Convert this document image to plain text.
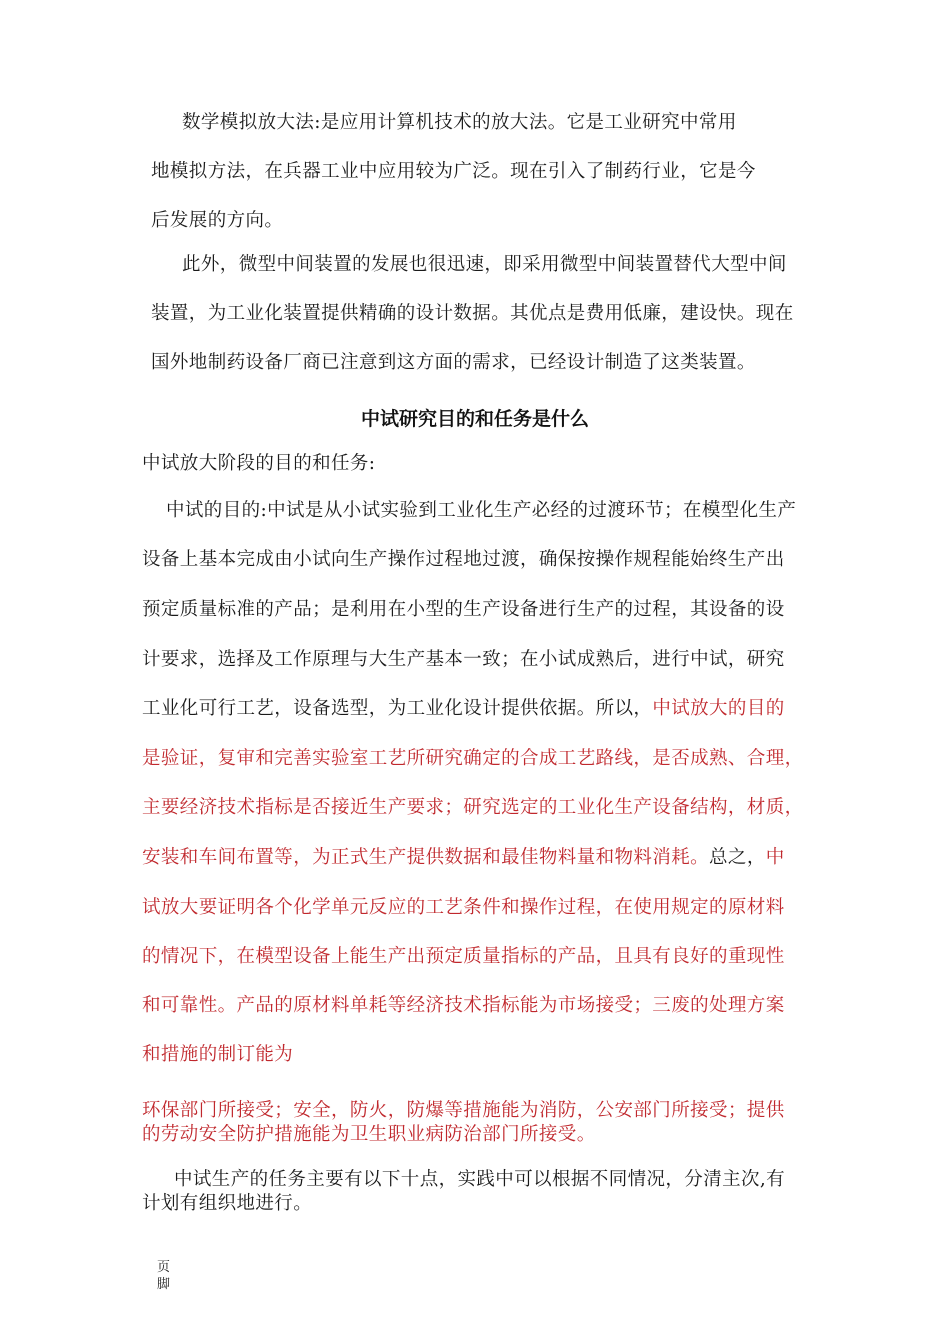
数学模拟放大法:是应用计算机技术的放大法。它是工业研究中常用
地模拟方法，在兵器工业中应用较为广泛。现在引入了制药行业，它是今
后发展的方向。
此外，微型中间装置的发展也很迅速，即采用微型中间装置替代大型中间
装置，为工业化装置提供精确的设计数据。其优点是费用低廉，建设快。现在
国外地制药设备厂商已注意到这方面的需求，已经设计制造了这类装置。
中试研究目的和任务是什么
中试放大阶段的目的和任务:
中试的目的:中试是从小试实验到工业化生产必经的过渡环节；在模型化生产
设备上基本完成由小试向生产操作过程地过渡，确保按操作规程能始终生产出
预定质量标准的产品；是利用在小型的生产设备进行生产的过程，其设备的设
计要求，选择及工作原理与大生产基本一致；在小试成熟后，进行中试，研究
工业化可行工艺，设备选型，为工业化设计提供依据。所以，中试放大的目的
是验证，复审和完善实验室工艺所研究确定的合成工艺路线，是否成熟、合理，
主要经济技术指标是否接近生产要求；研究选定的工业化生产设备结构，材质，
安装和车间布置等，为正式生产提供数据和最佳物料量和物料消耗。总之，中
试放大要证明各个化学单元反应的工艺条件和操作过程，在使用规定的原材料
的情况下，在模型设备上能生产出预定质量指标的产品，且具有良好的重现性
和可靠性。产品的原材料单耗等经济技术指标能为市场接受；三废的处理方案
和措施的制订能为
环保部门所接受；安全，防火，防爆等措施能为消防，公安部门所接受；提供
的劳动安全防护措施能为卫生职业病防治部门所接受。
中试生产的任务主要有以下十点，实践中可以根据不同情况，分清主次,有
计划有组织地进行。
页
脚
